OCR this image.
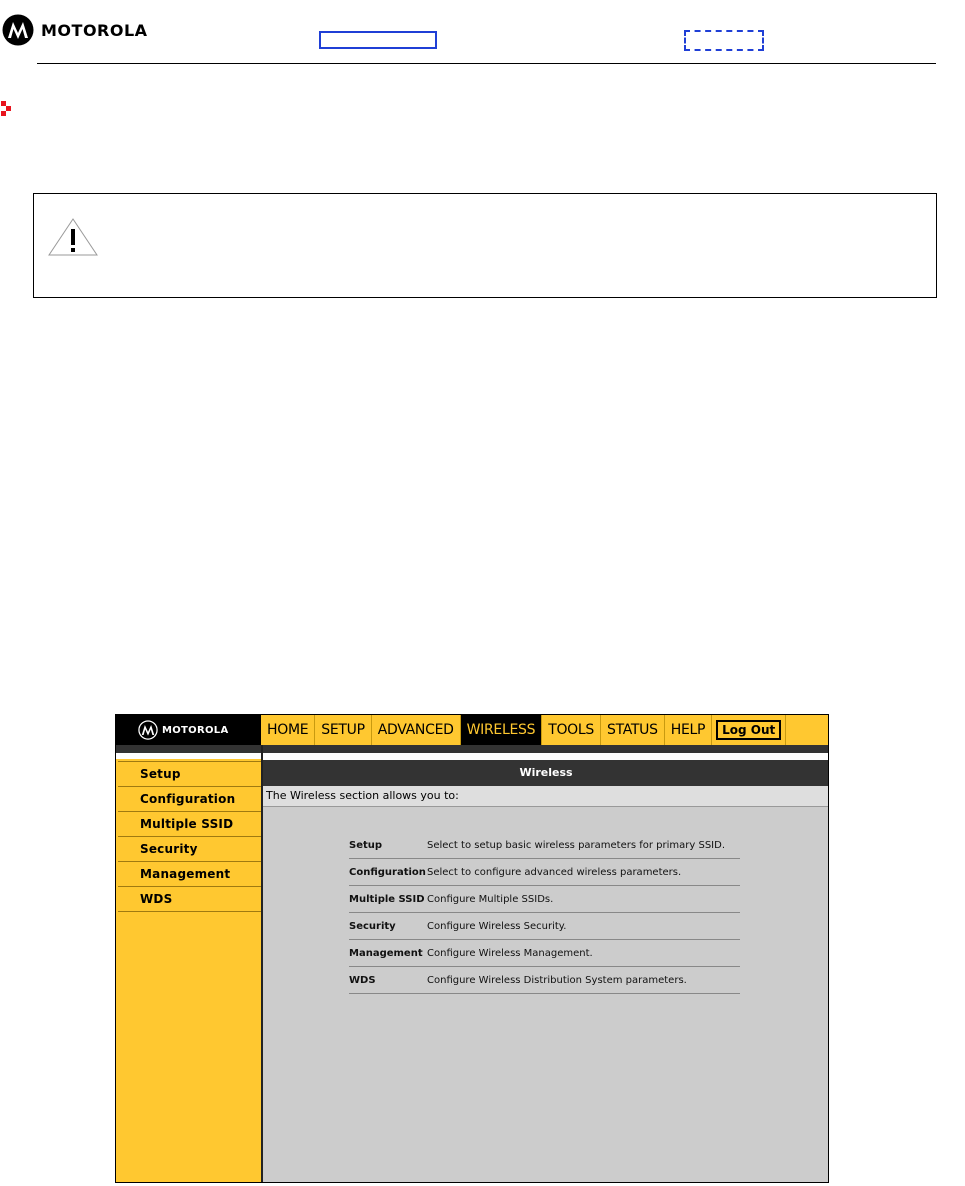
MOTOROLA
MOTOROLA	HOME SETUP ADVANCED WIRELESS TOOLS STATUS HELP	Log Out
Setup
Configuration
Multiple SSID
Security
Management
WDS
Wireless
The Wireless section allows you to:
Setup	Select to setup basic wireless parameters for primary SSID.
Configuration Select to configure advanced wireless parameters.
Multiple SSID Configure Multiple SSIDs.
Security	Configure Wireless Security.
Management Configure Wireless Management.
WDS	Configure Wireless Distribution System parameters.
